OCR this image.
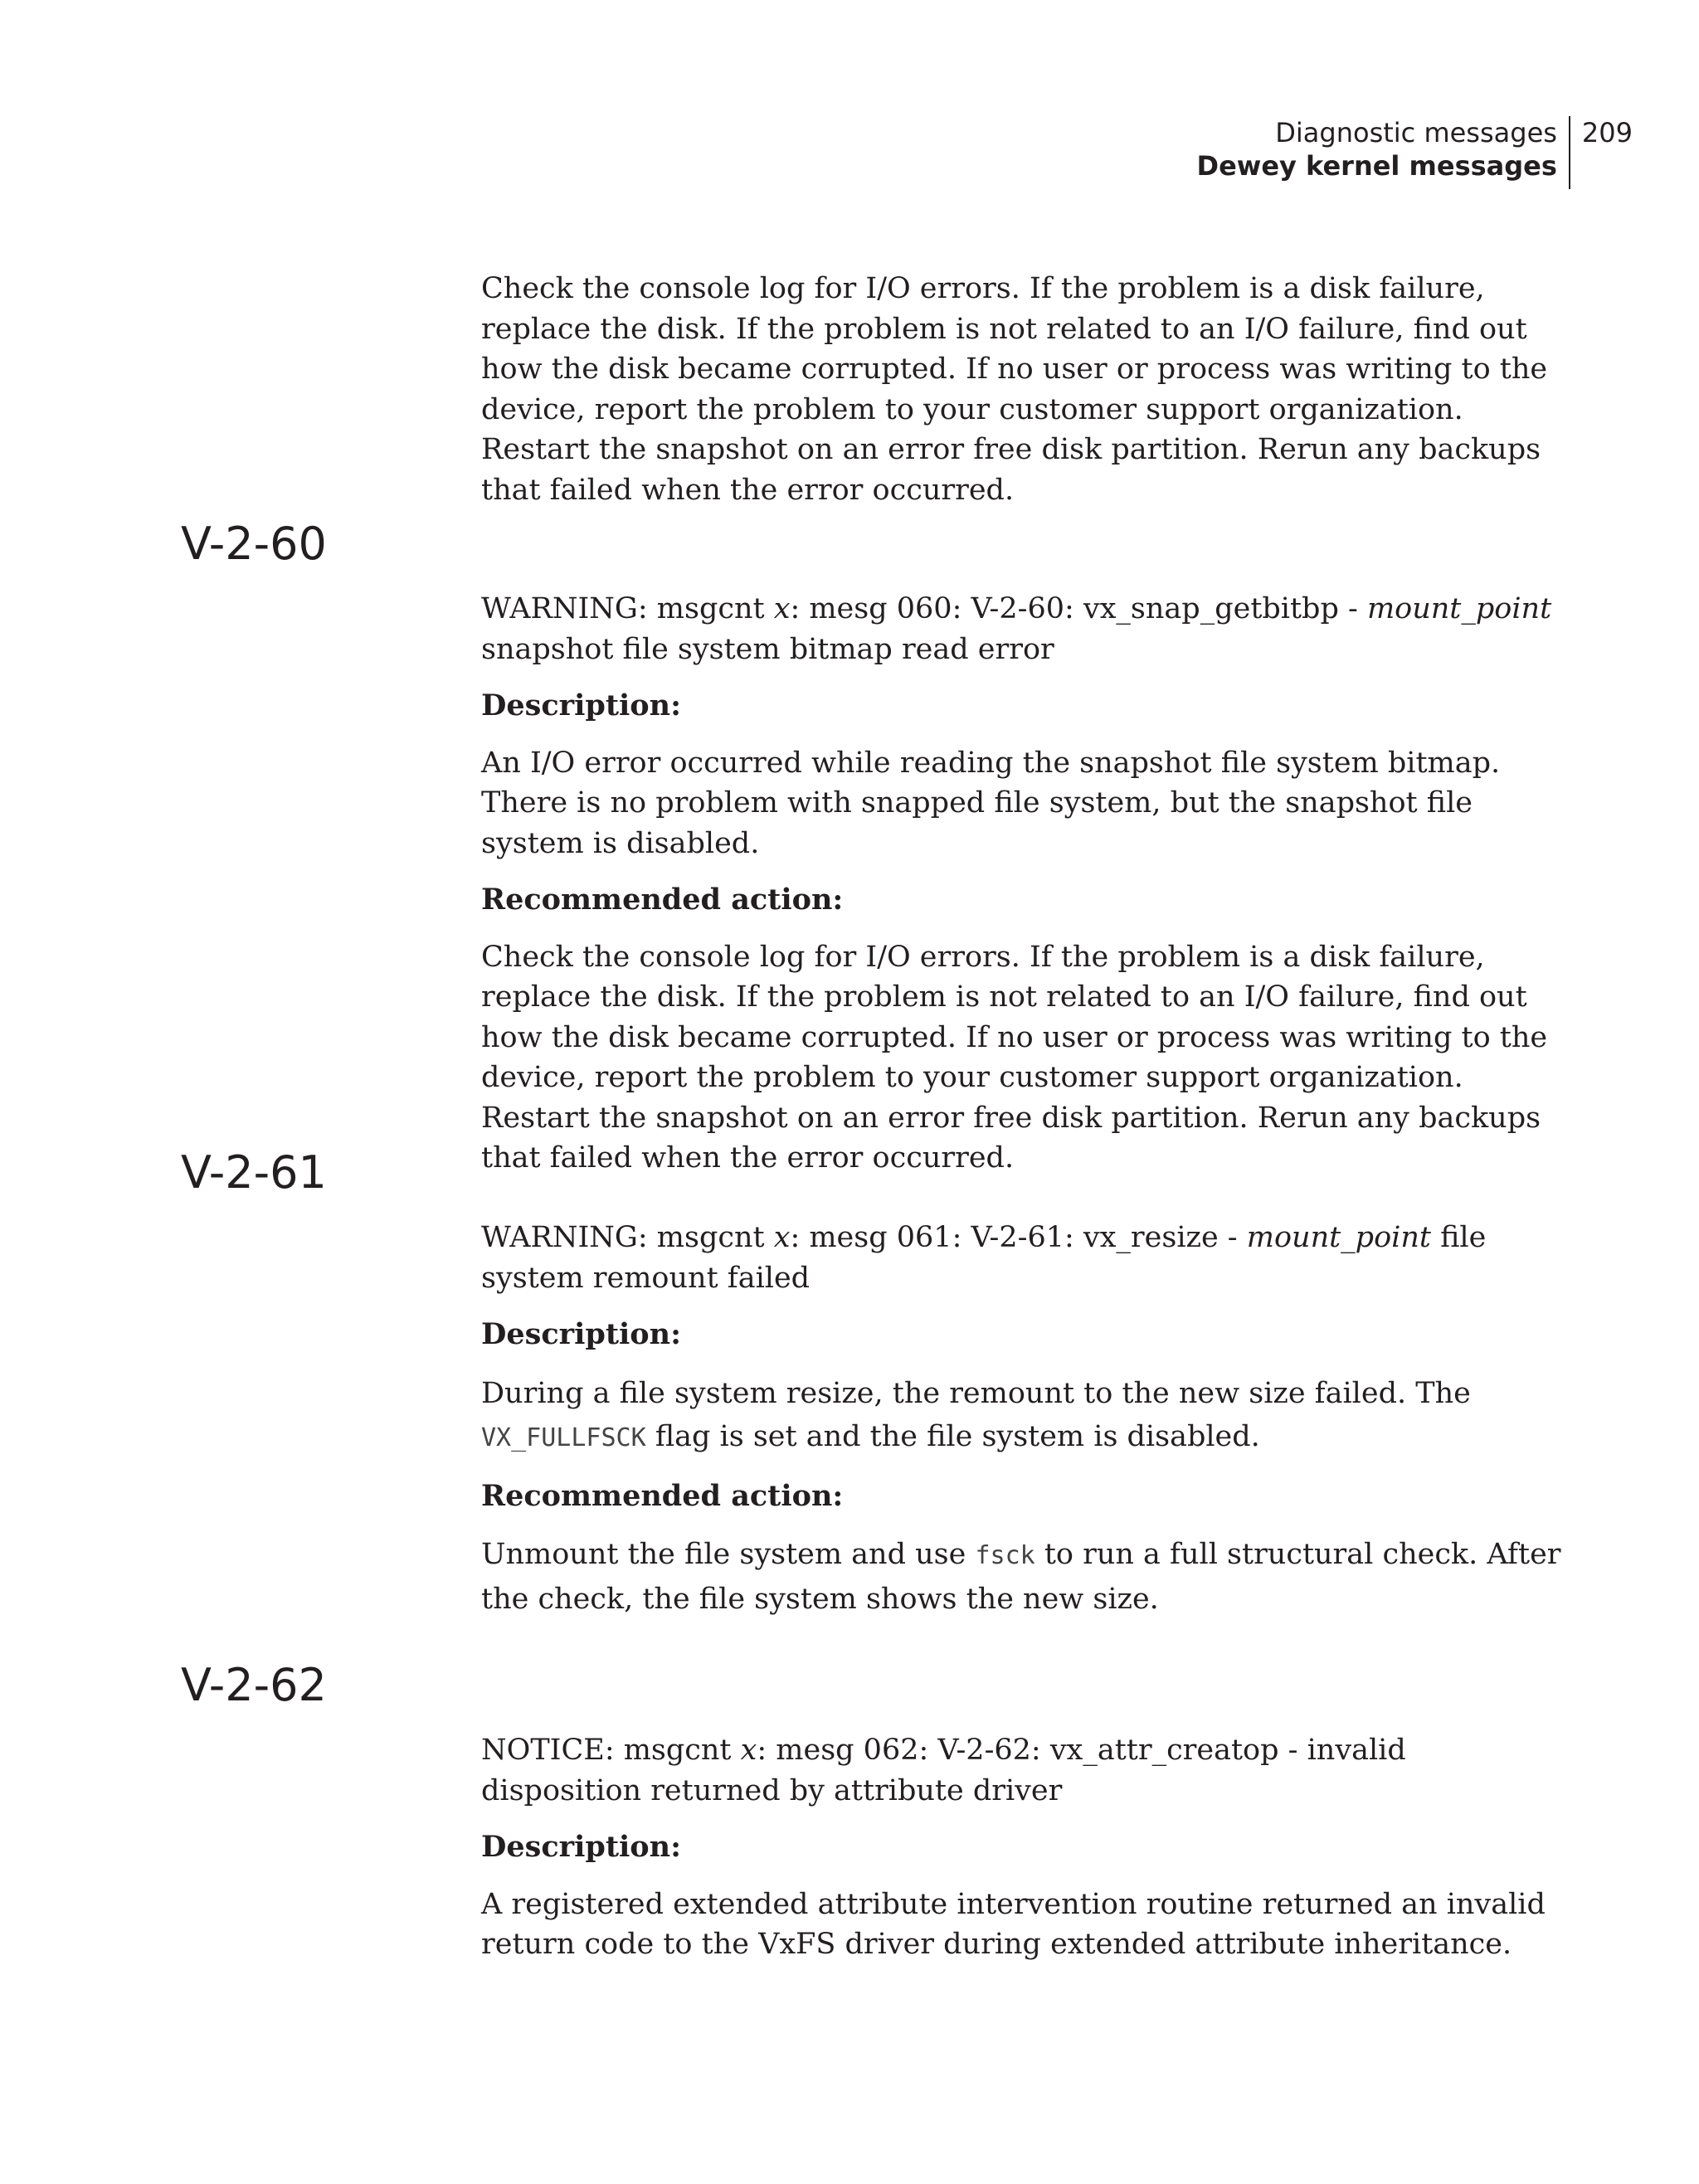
Diagnostic messages
Dewey kernel messages
209

Check the console log for I/O errors. If the problem is a disk failure, replace the disk. If the problem is not related to an I/O failure, find out how the disk became corrupted. If no user or process was writing to the device, report the problem to your customer support organization. Restart the snapshot on an error free disk partition. Rerun any backups that failed when the error occurred.

V-2-60

WARNING: msgcnt x: mesg 060: V-2-60: vx_snap_getbitbp - mount_point snapshot file system bitmap read error

Description:

An I/O error occurred while reading the snapshot file system bitmap. There is no problem with snapped file system, but the snapshot file system is disabled.

Recommended action:

Check the console log for I/O errors. If the problem is a disk failure, replace the disk. If the problem is not related to an I/O failure, find out how the disk became corrupted. If no user or process was writing to the device, report the problem to your customer support organization. Restart the snapshot on an error free disk partition. Rerun any backups that failed when the error occurred.

V-2-61

WARNING: msgcnt x: mesg 061: V-2-61: vx_resize - mount_point file system remount failed

Description:

During a file system resize, the remount to the new size failed. The VX_FULLFSCK flag is set and the file system is disabled.

Recommended action:

Unmount the file system and use fsck to run a full structural check. After the check, the file system shows the new size.

V-2-62

NOTICE: msgcnt x: mesg 062: V-2-62: vx_attr_creatop - invalid disposition returned by attribute driver

Description:

A registered extended attribute intervention routine returned an invalid return code to the VxFS driver during extended attribute inheritance.
